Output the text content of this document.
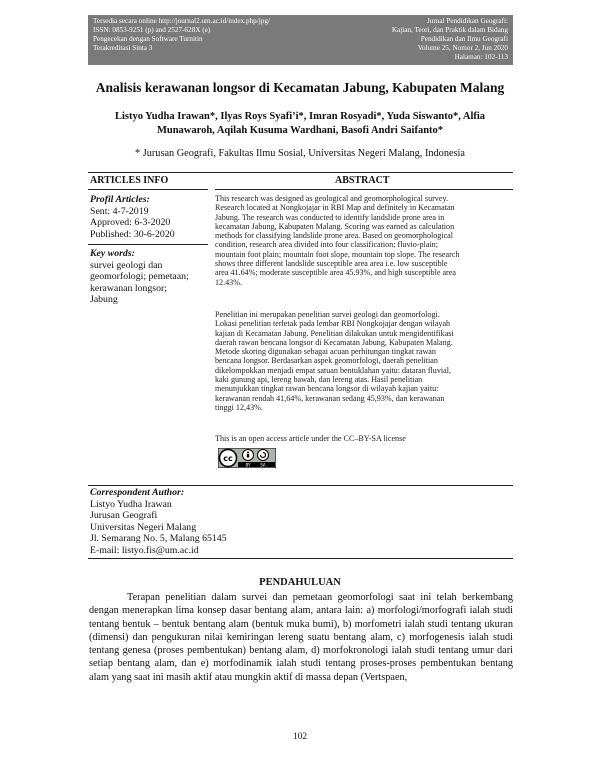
Tersedia secara online http://journal2.um.ac.id/index.php/jpg/
ISSN: 0853-9251 (p) and 2527-628X (e)
Pengecekan dengan Software Turnitin
Terakreditasi Sinta 3
Jurnal Pendidikan Geografi:
Kajian, Teori, dan Praktik dalam Bidang
Pendidikan dan Ilmu Geografi
Volume 25, Nomor 2, Jun 2020
Halaman: 102-113
Analisis kerawanan longsor di Kecamatan Jabung, Kabupaten Malang
Listyo Yudha Irawan*, Ilyas Roys Syafi’i*, Imran Rosyadi*, Yuda Siswanto*, Alfia
Munawaroh, Aqilah Kusuma Wardhani, Basofi Andri Saifanto*
* Jurusan Geografi, Fakultas Ilmu Sosial, Universitas Negeri Malang, Indonesia
ARTICLES INFO	ABSTRACT
Profil Articles:
Sent: 4-7-2019
Approved: 6-3-2020
Published: 30-6-2020
Key words:
survei geologi dan
geomorfologi; pemetaan;
kerawanan longsor;
Jabung
This research was designed as geological and geomorphological survey.
Research located at Nongkojajar in RBI Map and definitely in Kecamatan
Jabung. The research was conducted to identify landslide prone area in
kecamatan Jabung, Kabupaten Malang. Scoring was earned as calculation
methods for classifying landslide prone area. Based on geomorphological
condition, research area divided into four classification; fluvio-plain;
mountain foot plain; mountain foot slope, mountain top slope. The research
shows three different landslide susceptible area area i.e. low susceptible
area 41.64%; moderate susceptible area 45.93%, and high susceptible area
12.43%.
Penelitian ini merupakan penelitian survei geologi dan geomorfologi.
Lokasi penelitian terletak pada lembar RBI Nongkojajar dengan wilayah
kajian di Kecamatan Jabung. Penelitian dilakukan untuk mengidentifikasi
daerah rawan bencana longsor di Kecamatan Jabung, Kabupaten Malang.
Metode skoring digunakan sebagai acuan perhitungan tingkat rawan
bencana longsor. Berdasarkan aspek geomorfologi, daerah penelitian
dikelompokkan menjadi empat satuan bentuklahan yaitu: dataran fluvial,
kaki gunung api, lereng bawah, dan lereng atas. Hasil penelitian
menunjukkan tingkat rawan bencana longsor di wilayah kajian yaitu:
kerawanan rendah 41,64%, kerawanan sedang 45,93%, dan kerawanan
tinggi 12,43%.
This is an open access article under the CC–BY-SA license
cc
BY SA
Correspondent Author:
Listyo Yudha Irawan
Jurusan Geografi
Universitas Negeri Malang
Jl. Semarang No. 5, Malang 65145
E-mail: listyo.fis@um.ac.id
PENDAHULUAN
Terapan penelitian dalam survei dan pemetaan geomorfologi saat ini telah berkembang dengan menerapkan lima konsep dasar bentang alam, antara lain: a) morfologi/morfografi ialah studi tentang bentuk – bentuk bentang alam (bentuk muka bumi), b) morfometri ialah studi tentang ukuran (dimensi) dan pengukuran nilai kemiringan lereng suatu bentang alam, c) morfogenesis ialah studi tentang genesa (proses pembentukan) bentang alam, d) morfokronologi ialah studi tentang umur dari setiap bentang alam, dan e) morfodinamik ialah studi tentang proses-proses pembentukan bentang alam yang saat ini masih aktif atau mungkin aktif di massa depan (Vertspaen,
102
